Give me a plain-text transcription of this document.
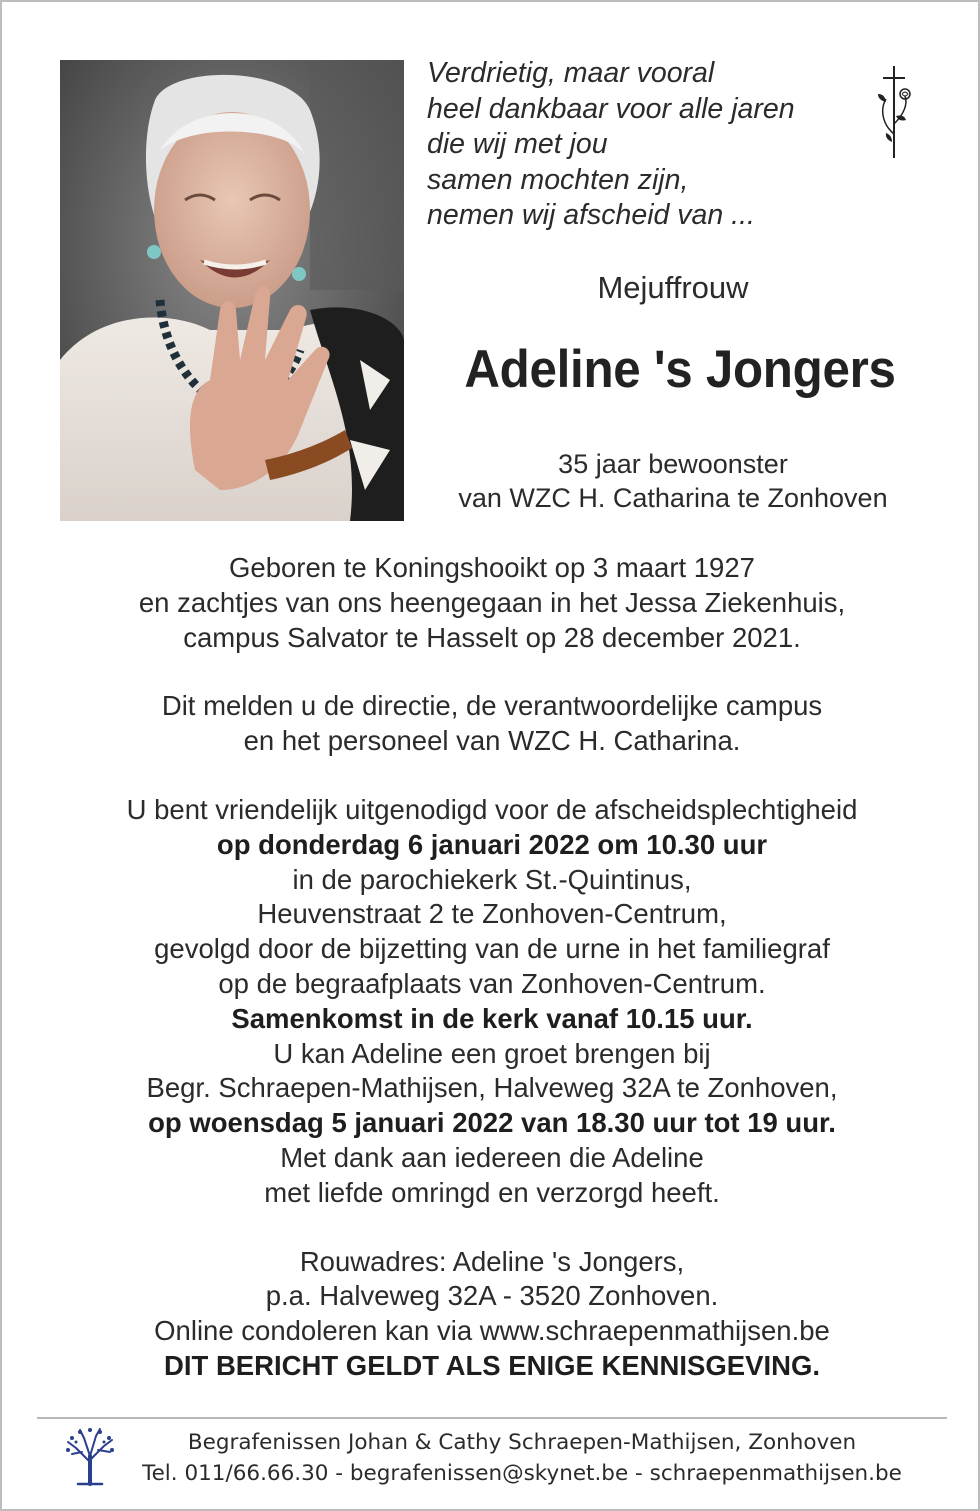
Verdrietig, maar vooral
heel dankbaar voor alle jaren
die wij met jou
samen mochten zijn,
nemen wij afscheid van ...
Mejuffrouw
Adeline 's Jongers
35 jaar bewoonster
van WZC H. Catharina te Zonhoven
Geboren te Koningshooikt op 3 maart 1927
en zachtjes van ons heengegaan in het Jessa Ziekenhuis,
campus Salvator te Hasselt op 28 december 2021.
Dit melden u de directie, de verantwoordelijke campus
en het personeel van WZC H. Catharina.
U bent vriendelijk uitgenodigd voor de afscheidsplechtigheid
op donderdag 6 januari 2022 om 10.30 uur
in de parochiekerk St.-Quintinus,
Heuvenstraat 2 te Zonhoven-Centrum,
gevolgd door de bijzetting van de urne in het familiegraf
op de begraafplaats van Zonhoven-Centrum.
Samenkomst in de kerk vanaf 10.15 uur.
U kan Adeline een groet brengen bij
Begr. Schraepen-Mathijsen, Halveweg 32A te Zonhoven,
op woensdag 5 januari 2022 van 18.30 uur tot 19 uur.
Met dank aan iedereen die Adeline
met liefde omringd en verzorgd heeft.
Rouwadres: Adeline 's Jongers,
p.a. Halveweg 32A - 3520 Zonhoven.
Online condoleren kan via www.schraepenmathijsen.be
DIT BERICHT GELDT ALS ENIGE KENNISGEVING.
Begrafenissen Johan & Cathy Schraepen-Mathijsen, Zonhoven
Tel. 011/66.66.30 - begrafenissen@skynet.be - schraepenmathijsen.be
